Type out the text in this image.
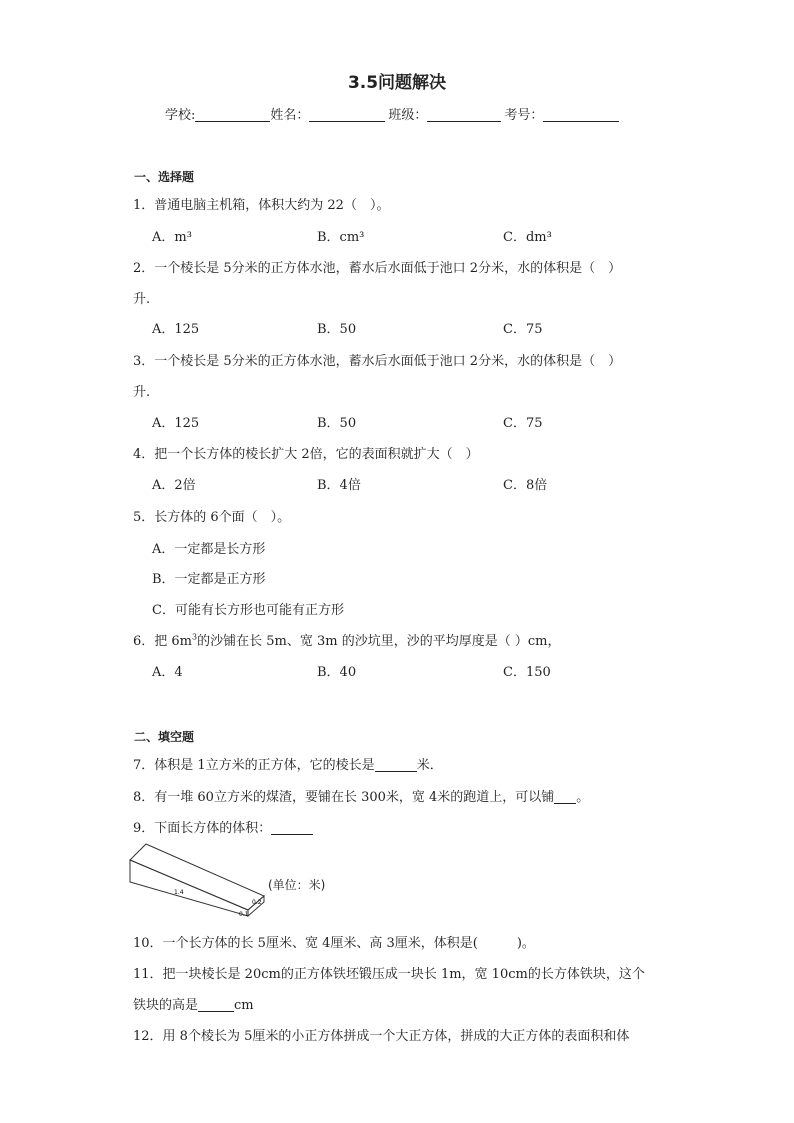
3.5问题解决
学校:	姓名：	班级：	考号：
一、选择题
1．普通电脑主机箱，体积大约为 22（　）。
A．m³	B．cm³	C．dm³
2．一个棱长是 5分米的正方体水池，蓄水后水面低于池口 2分米，水的体积是（　）
升.
A．125	B．50	C．75
3．一个棱长是 5分米的正方体水池，蓄水后水面低于池口 2分米，水的体积是（　）
升.
A．125	B．50	C．75
4．把一个长方体的棱长扩大 2倍，它的表面积就扩大（　）
A．2倍	B．4倍	C．8倍
5．长方体的 6个面（　）。
A．一定都是长方形
B．一定都是正方形
C．可能有长方形也可能有正方形
6．把 $6m^3$的沙铺在长 5m、宽 3m 的沙坑里，沙的平均厚度是（ ）cm，
A．4	B．40	C．150
二、填空题
7．体积是 1立方米的正方体，它的棱长是	米．
8．有一堆 60立方米的煤渣，要铺在长 300米，宽 4米的跑道上，可以铺 。
9．下面长方体的体积：
1.4
0.2
0.1
(单位：米)
10．一个长方体的长 5厘米、宽 4厘米、高 3厘米，体积是(　　　)。
11．把一块棱长是 20cm的正方体铁坯锻压成一块长 1m，宽 10cm的长方体铁块，这个
铁块的高是	cm
12．用 8个棱长为 5厘米的小正方体拼成一个大正方体，拼成的大正方体的表面积和体
